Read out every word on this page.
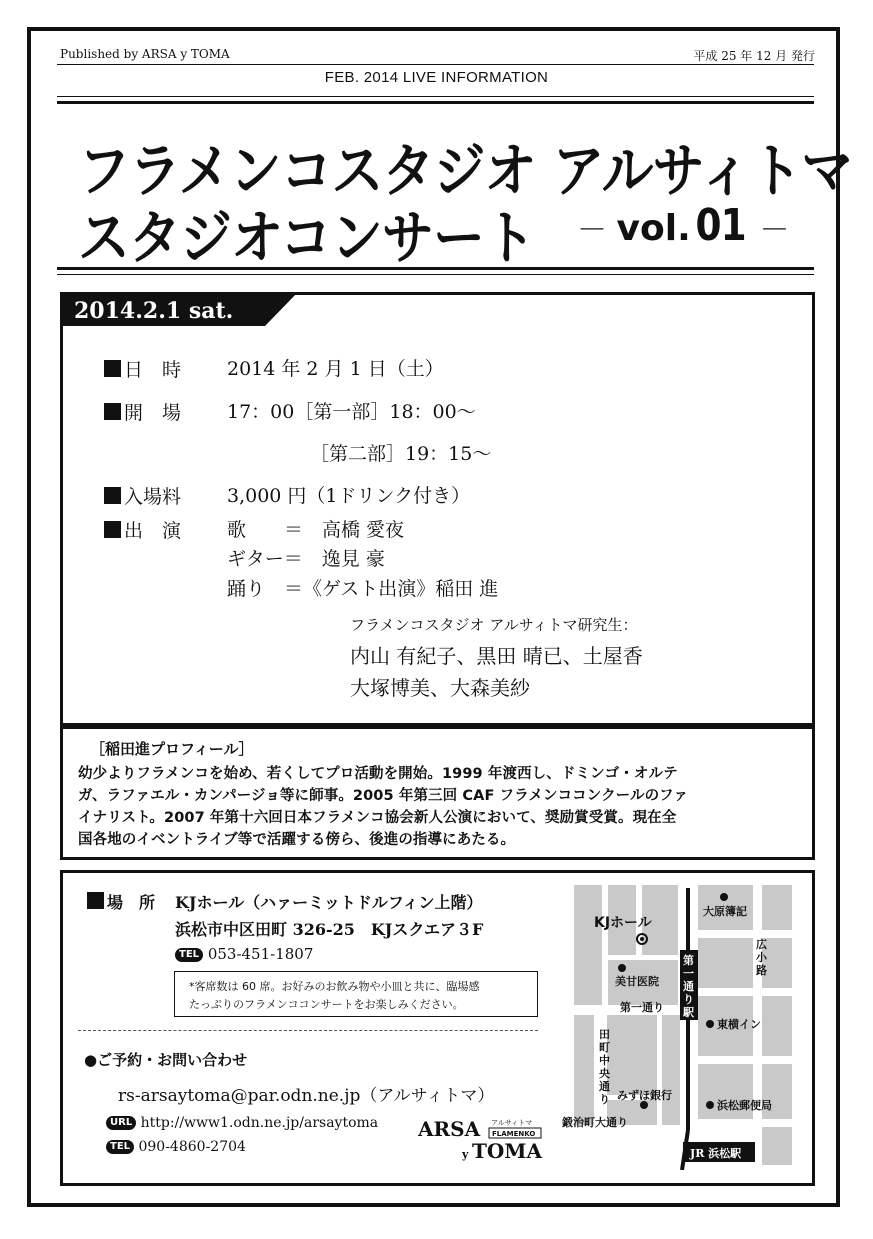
Published by ARSA y TOMA	平成 25 年 12 月 発行
FEB. 2014 LIVE INFORMATION
フラメンコスタジオ アルサィトマ
スタジオコンサート － vol. 01 －
2014.2.1 sat.
日　時 2014 年 2 月 1 日（土）
開　場 17：00［第一部］18：00～
［第二部］19：15～
入場料 3,000 円（1ドリンク付き）
出　演 歌　　＝　高橋 愛夜
ギター＝　逸見 豪
踊り　＝《ゲスト出演》稲田 進
フラメンコスタジオ アルサィトマ研究生：
内山 有紀子、黒田 晴已、土屋香
大塚博美、大森美紗
［稲田進プロフィール］
幼少よりフラメンコを始め、若くしてプロ活動を開始。1999 年渡西し、ドミンゴ・オルテ
ガ、ラファエル・カンパージョ等に師事。2005 年第三回 CAF フラメンココンクールのファ
イナリスト。2007 年第十六回日本フラメンコ協会新人公演において、奨励賞受賞。現在全
国各地のイベントライブ等で活躍する傍ら、後進の指導にあたる。
場　所 KJホール（ハァーミットドルフィン上階）
浜松市中区田町 326-25　KJスクエア３F
TEL 053-451-1807
*客席数は 60 席。お好みのお飲み物や小皿と共に、臨場感
たっぷりのフラメンココンサートをお楽しみください。
●ご予約・お問い合わせ
rs-arsaytoma@par.odn.ne.jp（アルサィトマ）
URL http://www1.odn.ne.jp/arsaytoma
TEL 090-4860-2704
ARSA アルサィトマ
FLAMENKO
y TOMA
KJホール
大原簿記
広小路
美甘医院
第一通り
第一通り駅
東横イン
田町中央通り みずほ銀行
浜松郵便局
鍛治町大通り
JR 浜松駅
